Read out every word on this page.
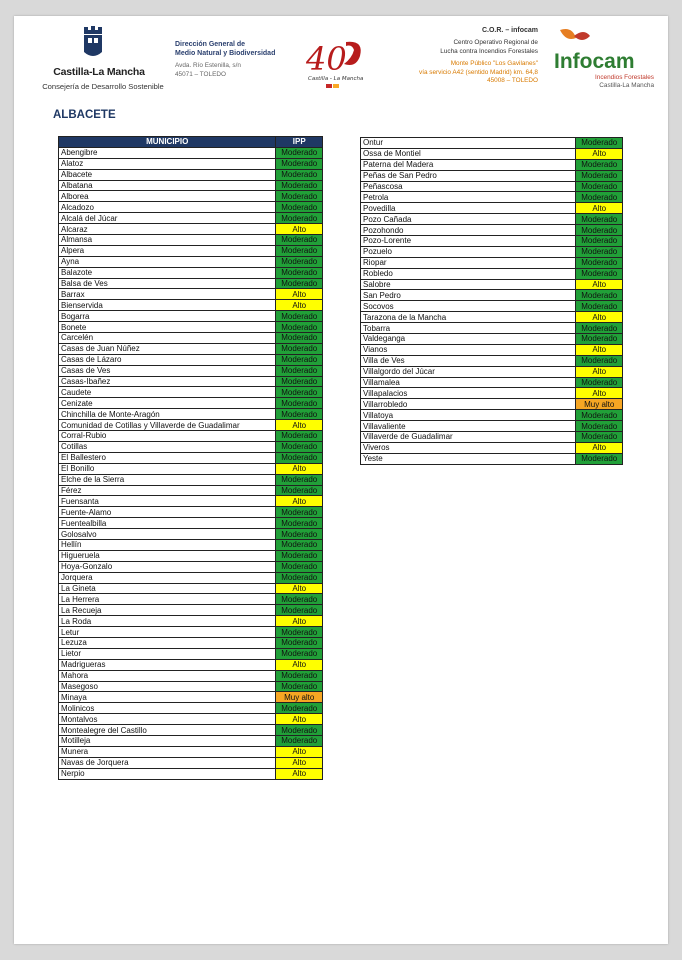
Castilla-La Mancha
Consejería de Desarrollo Sostenible
Dirección General de
Medio Natural y Biodiversidad
Avda. Río Estenilla, s/n
45071 – TOLEDO	40
Castilla - La Mancha
C.O.R. – infocam
Centro Operativo Regional de
Lucha contra Incendios Forestales
Monte Público "Los Gavilanes"
vía servicio A42 (sentido Madrid) km. 64,8
45008 – TOLEDO
Infocam
Incendios Forestales
Castilla-La Mancha
ALBACETE
MUNICIPIO	IPP
Abengibre	Moderado
Alatoz	Moderado
Albacete	Moderado
Albatana	Moderado
Alborea	Moderado
Alcadozo	Moderado
Alcalá del Júcar	Moderado
Alcaraz	Alto
Almansa	Moderado
Alpera	Moderado
Ayna	Moderado
Balazote	Moderado
Balsa de Ves	Moderado
Barrax	Alto
Bienservida	Alto
Bogarra	Moderado
Bonete	Moderado
Carcelén	Moderado
Casas de Juan Núñez	Moderado
Casas de Lázaro	Moderado
Casas de Ves	Moderado
Casas-Ibañez	Moderado
Caudete	Moderado
Cenizate	Moderado
Chinchilla de Monte-Aragón	Moderado
Comunidad de Cotillas y Villaverde de Guadalimar	Alto
Corral-Rubio	Moderado
Cotillas	Moderado
El Ballestero	Moderado
El Bonillo	Alto
Elche de la Sierra	Moderado
Férez	Moderado
Fuensanta	Alto
Fuente-Alamo	Moderado
Fuentealbilla	Moderado
Golosalvo	Moderado
Hellín	Moderado
Higueruela	Moderado
Hoya-Gonzalo	Moderado
Jorquera	Moderado
La Gineta	Alto
La Herrera	Moderado
La Recueja	Moderado
La Roda	Alto
Letur	Moderado
Lezuza	Moderado
Lietor	Moderado
Madrigueras	Alto
Mahora	Moderado
Masegoso	Moderado
Minaya	Muy alto
Molinicos	Moderado
Montalvos	Alto
Montealegre del Castillo	Moderado
Motilleja	Moderado
Munera	Alto
Navas de Jorquera	Alto
Nerpio	Alto
Ontur	Moderado
Ossa de Montiel	Alto
Paterna del Madera	Moderado
Peñas de San Pedro	Moderado
Peñascosa	Moderado
Petrola	Moderado
Povedilla	Alto
Pozo Cañada	Moderado
Pozohondo	Moderado
Pozo-Lorente	Moderado
Pozuelo	Moderado
Riopar	Moderado
Robledo	Moderado
Salobre	Alto
San Pedro	Moderado
Socovos	Moderado
Tarazona de la Mancha	Alto
Tobarra	Moderado
Valdeganga	Moderado
Vianos	Alto
Villa de Ves	Moderado
Villalgordo del Júcar	Alto
Villamalea	Moderado
Villapalacios	Alto
Villarrobledo	Muy alto
Villatoya	Moderado
Villavaliente	Moderado
Villaverde de Guadalimar	Moderado
Viveros	Alto
Yeste	Moderado
